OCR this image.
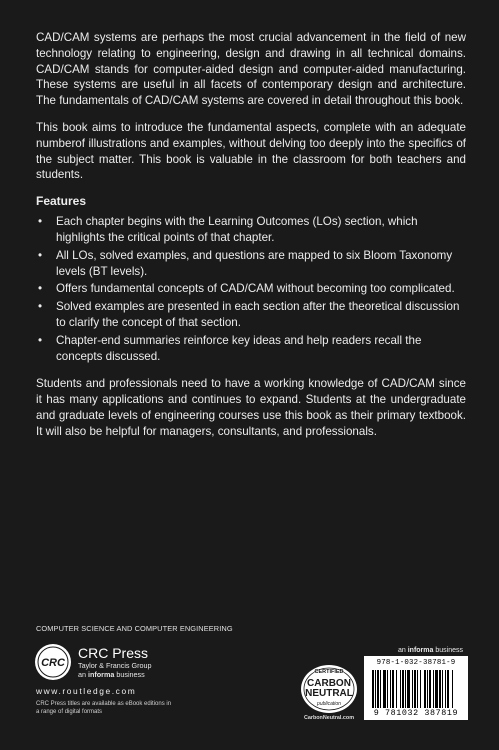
CAD/CAM systems are perhaps the most crucial advancement in the field of new technology relating to engineering, design and drawing in all technical domains. CAD/CAM stands for computer-aided design and computer-aided manufacturing. These systems are useful in all facets of contemporary design and architecture. The fundamentals of CAD/CAM systems are covered in detail throughout this book.

This book aims to introduce the fundamental aspects, complete with an adequate numberof illustrations and examples, without delving too deeply into the specifics of the subject matter. This book is valuable in the classroom for both teachers and students.

Features
• Each chapter begins with the Learning Outcomes (LOs) section, which highlights the critical points of that chapter.
• All LOs, solved examples, and questions are mapped to six Bloom Taxonomy levels (BT levels).
• Offers fundamental concepts of CAD/CAM without becoming too complicated.
• Solved examples are presented in each section after the theoretical discussion to clarify the concept of that section.
• Chapter-end summaries reinforce key ideas and help readers recall the concepts discussed.

Students and professionals need to have a working knowledge of CAD/CAM since it has many applications and continues to expand. Students at the undergraduate and graduate levels of engineering courses use this book as their primary textbook. It will also be helpful for managers, consultants, and professionals.

COMPUTER SCIENCE AND COMPUTER ENGINEERING
CRC
CRC Press
Taylor & Francis Group
an informa business
www.routledge.com
CRC Press titles are available as eBook editions in a range of digital formats
an informa business
CERTIFIED
CARBON
NEUTRAL
publication
CarbonNeutral.com
978-1-032-38781-9
9 781032 387819
